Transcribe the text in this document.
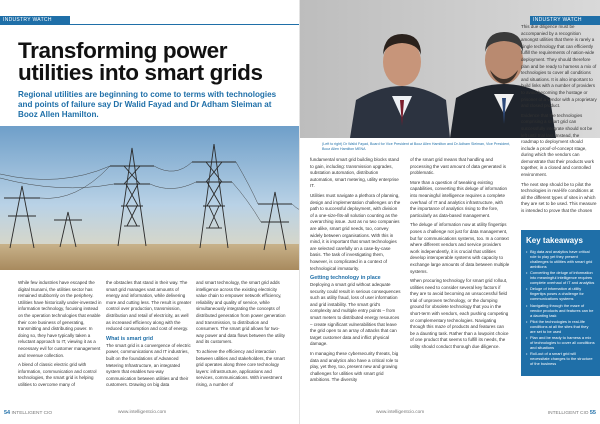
INDUSTRY WATCH
Transforming power utilities into smart grids
Regional utilities are beginning to come to terms with technologies and points of failure say Dr Walid Fayad and Dr Adham Sleiman at Booz Allen Hamilton.

While few industries have escaped the digital tsunami, the utilities sector has remained stubbornly on the periphery. Utilities have historically under-invested in information technology, focusing instead on the operation technologies that enable their core business of generating, transmitting and distributing power. In doing so, they have typically taken a reluctant approach to IT, viewing it as a necessary evil for customer management and revenue collection.

A blend of classic electric grid with information, communication and control technologies, the smart grid is helping utilities to overcome many of

the obstacles that stand in their way. The smart grid manages vast amounts of energy and information, while delivering more and cutting less. The result is greater control over production, transmission, distribution and retail of electricity, as well as increased efficiency along with the reduced consumption and cost of energy.

What is smart grid

The smart grid is a convergence of electric power, communications and IT industries, built on the foundations of Advanced Metering Infrastructure, an integrated system that enables two-way communication between utilities and their customers. Drawing on big data

and smart technology, the smart grid adds intelligence across the existing electricity value chain to empower network efficiency, reliability and quality of service, while simultaneously integrating the concepts of distributed generation from power generation and transmission, to distribution and consumers. The smart grid allows for two-way power and data flows between the utility and its customers.

To achieve the efficiency and interaction between utilities and stakeholders, the smart grid operates along three core technology layers: infrastructure, applications and services, communications. With investment rising, a number of

54 INTELLIGENT CIO	www.intelligentcio.com
INDUSTRY WATCH
(Left to right) Dr Walid Fayad, Board for Vice President at Booz Allen Hamilton and Dr Adham Sleiman, Vice President, Booz Allen Hamilton MENA

fundamental smart grid building blocks stand to gain, including: transmission upgrades, substation automation, distribution automation, smart metering, utility enterprise IT.

Utilities must navigate a plethora of planning, design and implementation challenges on the path to successful deployment, with division of a one-size-fits-all solution counting as the overarching issue. Just as no two companies are alike, smart grid needs, too, convey widely between organisations. With this in mind, it is important that smart technologies are selected carefully on a case-by-case basis. The task of investigating them, however, is complicated in a context of technological immaturity.

Getting technology in place

Deploying a smart grid without adequate security could result in serious consequences such as utility fraud, loss of user information and grid instability. The smart grid's complexity and multiple entry points – from smart meters to distributed energy resources – create significant vulnerabilities that leave the grid open to an array of attacks that can target customer data and inflict physical damage.

In managing these cybersecurity threats, big data and analytics also have a critical role to play, yet they, too, present new and growing challenges for utilities with smart grid ambitions. The diversity

of the smart grid means that handling and processing the vast amount of data generated is problematic.

More than a question of tweaking existing capabilities, converting this deluge of information into meaningful intelligence requires a complete overhaul of IT and analytics infrastructure, with the importance of analytics rising to the fore, particularly as data-based management.

The deluge of information now at utility fingertips poses a challenge not just for data management, but for communications systems, too. In a context where different vendors and service providers work independently, it is crucial that utilities develop interoperable systems with capacity to exchange large amounts of data between multiple systems.

When procuring technology for smart grid rollout, utilities need to consider several key factors if they are to avoid becoming an unsuccessful field trial of unproven technology, or the dumping ground for obsolete technology that you in the short-term with vendors, each pushing competing or complementary technologies. Navigating through this maze of products and features can be a daunting task. Rather than a lowpoint choice of one product that seems to fulfill its needs, the utility should conduct thorough due diligence.

This due diligence must be accompanied by a recognition amongst utilities that there is rarely a single technology that can efficiently fulfill the requirements of nation-wide deployment. They should therefore plan and be ready to harness a mix of technologies to cover all conditions and situations. It is also important to build links with a number of providers to avoid becoming the hostage or prisoner of a vendor with a proprietary and closed product.

Evidence that the technologies comprising a smart grid can successfully integrate should not be left until trial last. Instead, the roadmap to deployment should include a proof-of-concept stage, during which the vendors can demonstrate that their products work together, in a closed and controlled environment.

The next step should be to pilot the technologies in real-life conditions at all the different types of sites in which they are set to be used. This measure is intended to prove that the chosen

Key takeaways
• Big data and analytics have critical role to play yet they present challenges to utilities with smart grid ambitions
• Converting the deluge of information into meaningful intelligence requires complete overhaul of IT and analytics
• Deluge of information at utility fingertips poses a challenge for communications systems
• Navigating through the maze of vendor products and features can be a daunting task
• Pilot the technologies in real-life conditions at all the sites that they are set to be used
• Plan and be ready to harness a mix of technologies to cover all conditions and situations
• Roll-out of a smart grid will necessitate changes to the structure of the business
www.intelligentcio.com	INTELLIGENT CIO 55
